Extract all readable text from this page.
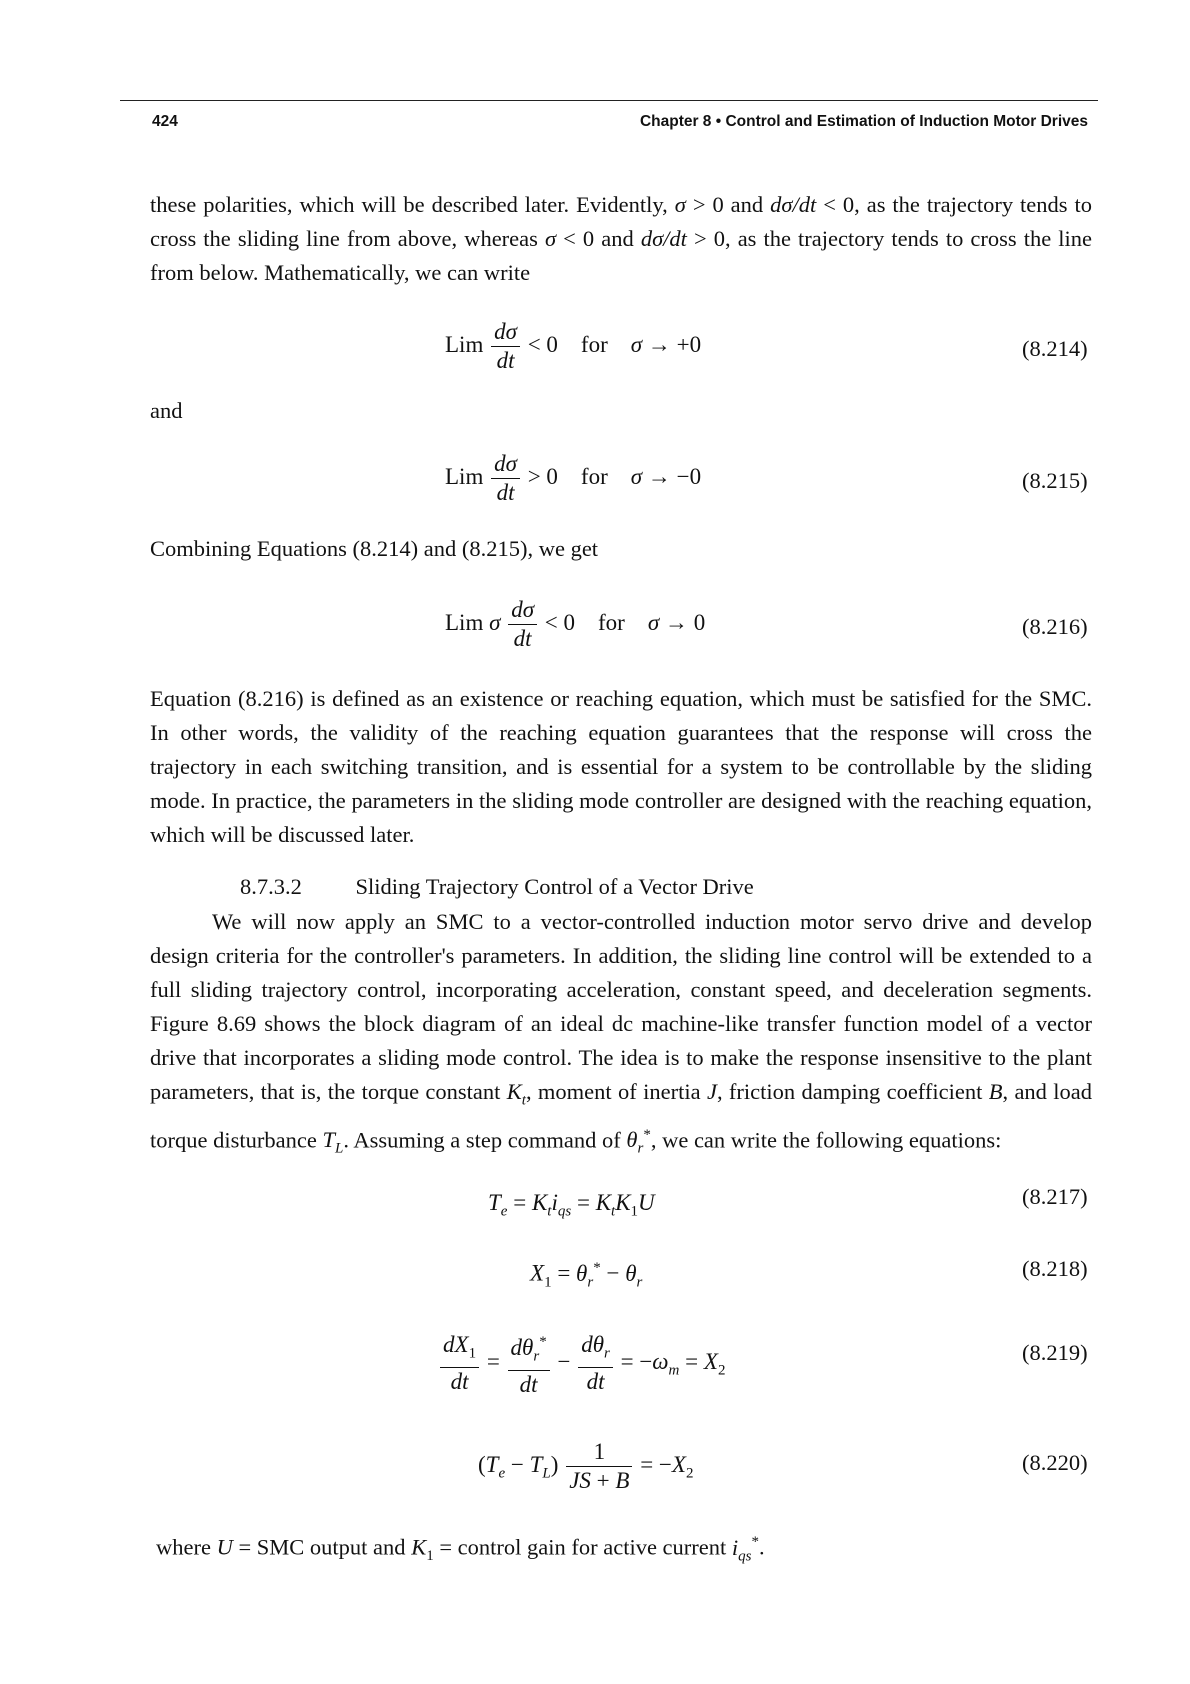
424	Chapter 8 • Control and Estimation of Induction Motor Drives
these polarities, which will be described later. Evidently, σ > 0 and dσ/dt < 0, as the trajectory tends to cross the sliding line from above, whereas σ < 0 and dσ/dt > 0, as the trajectory tends to cross the line from below. Mathematically, we can write
Lim $\frac{d\sigma}{dt} < 0$    for σ → +0	(8.214)
and
Lim $\frac{d\sigma}{dt} > 0$    for σ → −0	(8.215)
Combining Equations (8.214) and (8.215), we get
Lim σ $\frac{d\sigma}{dt} < 0$    for σ → 0	(8.216)
Equation (8.216) is defined as an existence or reaching equation, which must be satisfied for the SMC. In other words, the validity of the reaching equation guarantees that the response will cross the trajectory in each switching transition, and is essential for a system to be controllable by the sliding mode. In practice, the parameters in the sliding mode controller are designed with the reaching equation, which will be discussed later.
8.7.3.2 Sliding Trajectory Control of a Vector Drive
We will now apply an SMC to a vector-controlled induction motor servo drive and develop design criteria for the controller's parameters. In addition, the sliding line control will be extended to a full sliding trajectory control, incorporating acceleration, constant speed, and deceleration segments. Figure 8.69 shows the block diagram of an ideal dc machine-like transfer function model of a vector drive that incorporates a sliding mode control. The idea is to make the response insensitive to the plant parameters, that is, the torque constant $K_t$, moment of inertia J, friction damping coefficient B, and load torque disturbance $T_L$. Assuming a step command of $\theta_r^*$, we can write the following equations:
$T_e = K_ti_{qs} = K_tK_1U$	(8.217)
$X_1 = \theta_r^* - \theta_r$
(8.218)
$\frac{dX_1}{dt} = \frac{d\theta_r^*}{dt} - \frac{d\theta_r}{dt} = -\omega_m = X_2$
(8.219)
$(T_e - T_L) \frac{1}{JS + B} = -X_2$	(8.220)
where U = SMC output and $K_1$ = control gain for active current $i_{qs}^*$.
